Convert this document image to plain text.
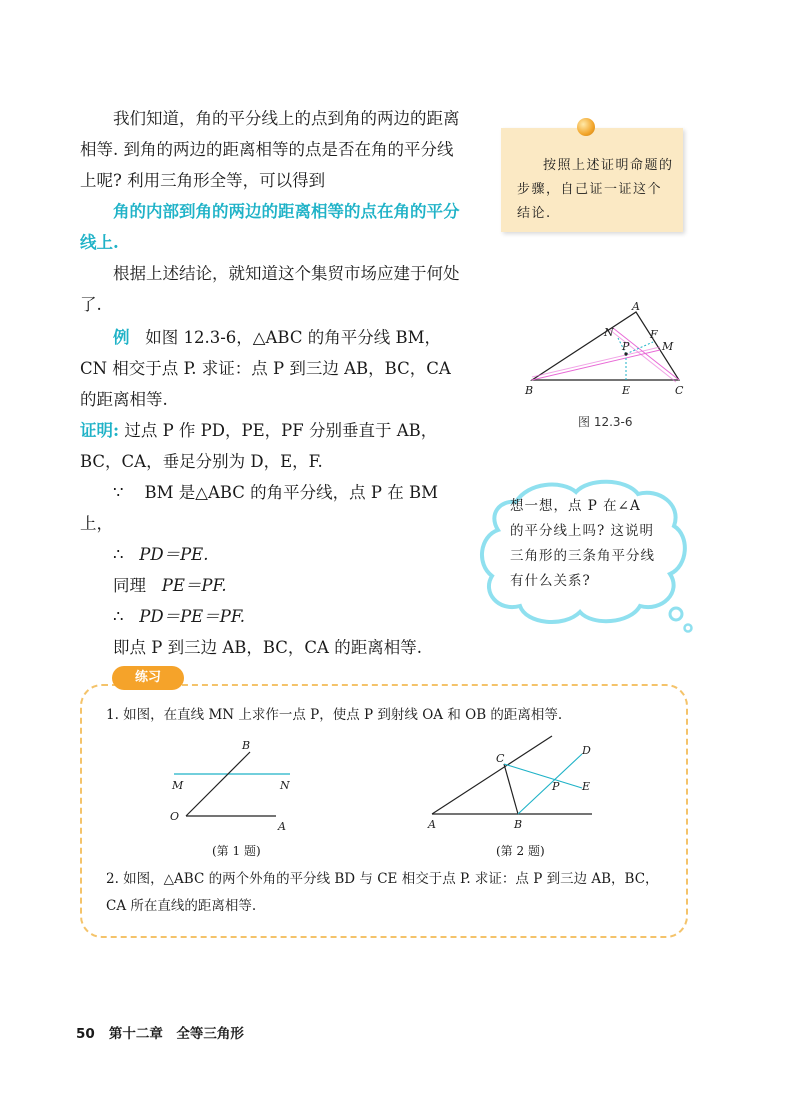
我们知道，角的平分线上的点到角的两边的距离相等. 到角的两边的距离相等的点是否在角的平分线上呢? 利用三角形全等，可以得到

角的内部到角的两边的距离相等的点在角的平分线上.

根据上述结论，就知道这个集贸市场应建于何处了.

按照上述证明命题的步骤，自己证一证这个结论.
A
B	C
N	F
M
P
E
图 12.3-6

例 如图 12.3-6，△ABC 的角平分线 BM，CN 相交于点 P. 求证：点 P 到三边 AB，BC，CA 的距离相等.

证明: 过点 P 作 PD，PE，PF 分别垂直于 AB，BC，CA，垂足分别为 D，E，F.

∵ BM 是△ABC 的角平分线，点 P 在 BM 上，

∴ PD＝PE.

同理 PE＝PF.

∴ PD＝PE＝PF.

即点 P 到三边 AB，BC，CA 的距离相等.

想一想，点 P 在∠A 的平分线上吗? 这说明三角形的三条角平分线有什么关系?
练习
1. 如图，在直线 MN 上求作一点 P，使点 P 到射线 OA 和 OB 的距离相等.
B
M	N
O
A
(第 1 题)
C
D
E
P
A	B
(第 2 题)
2. 如图，△ABC 的两个外角的平分线 BD 与 CE 相交于点 P. 求证：点 P 到三边 AB，BC，CA 所在直线的距离相等.
50 第十二章　全等三角形
